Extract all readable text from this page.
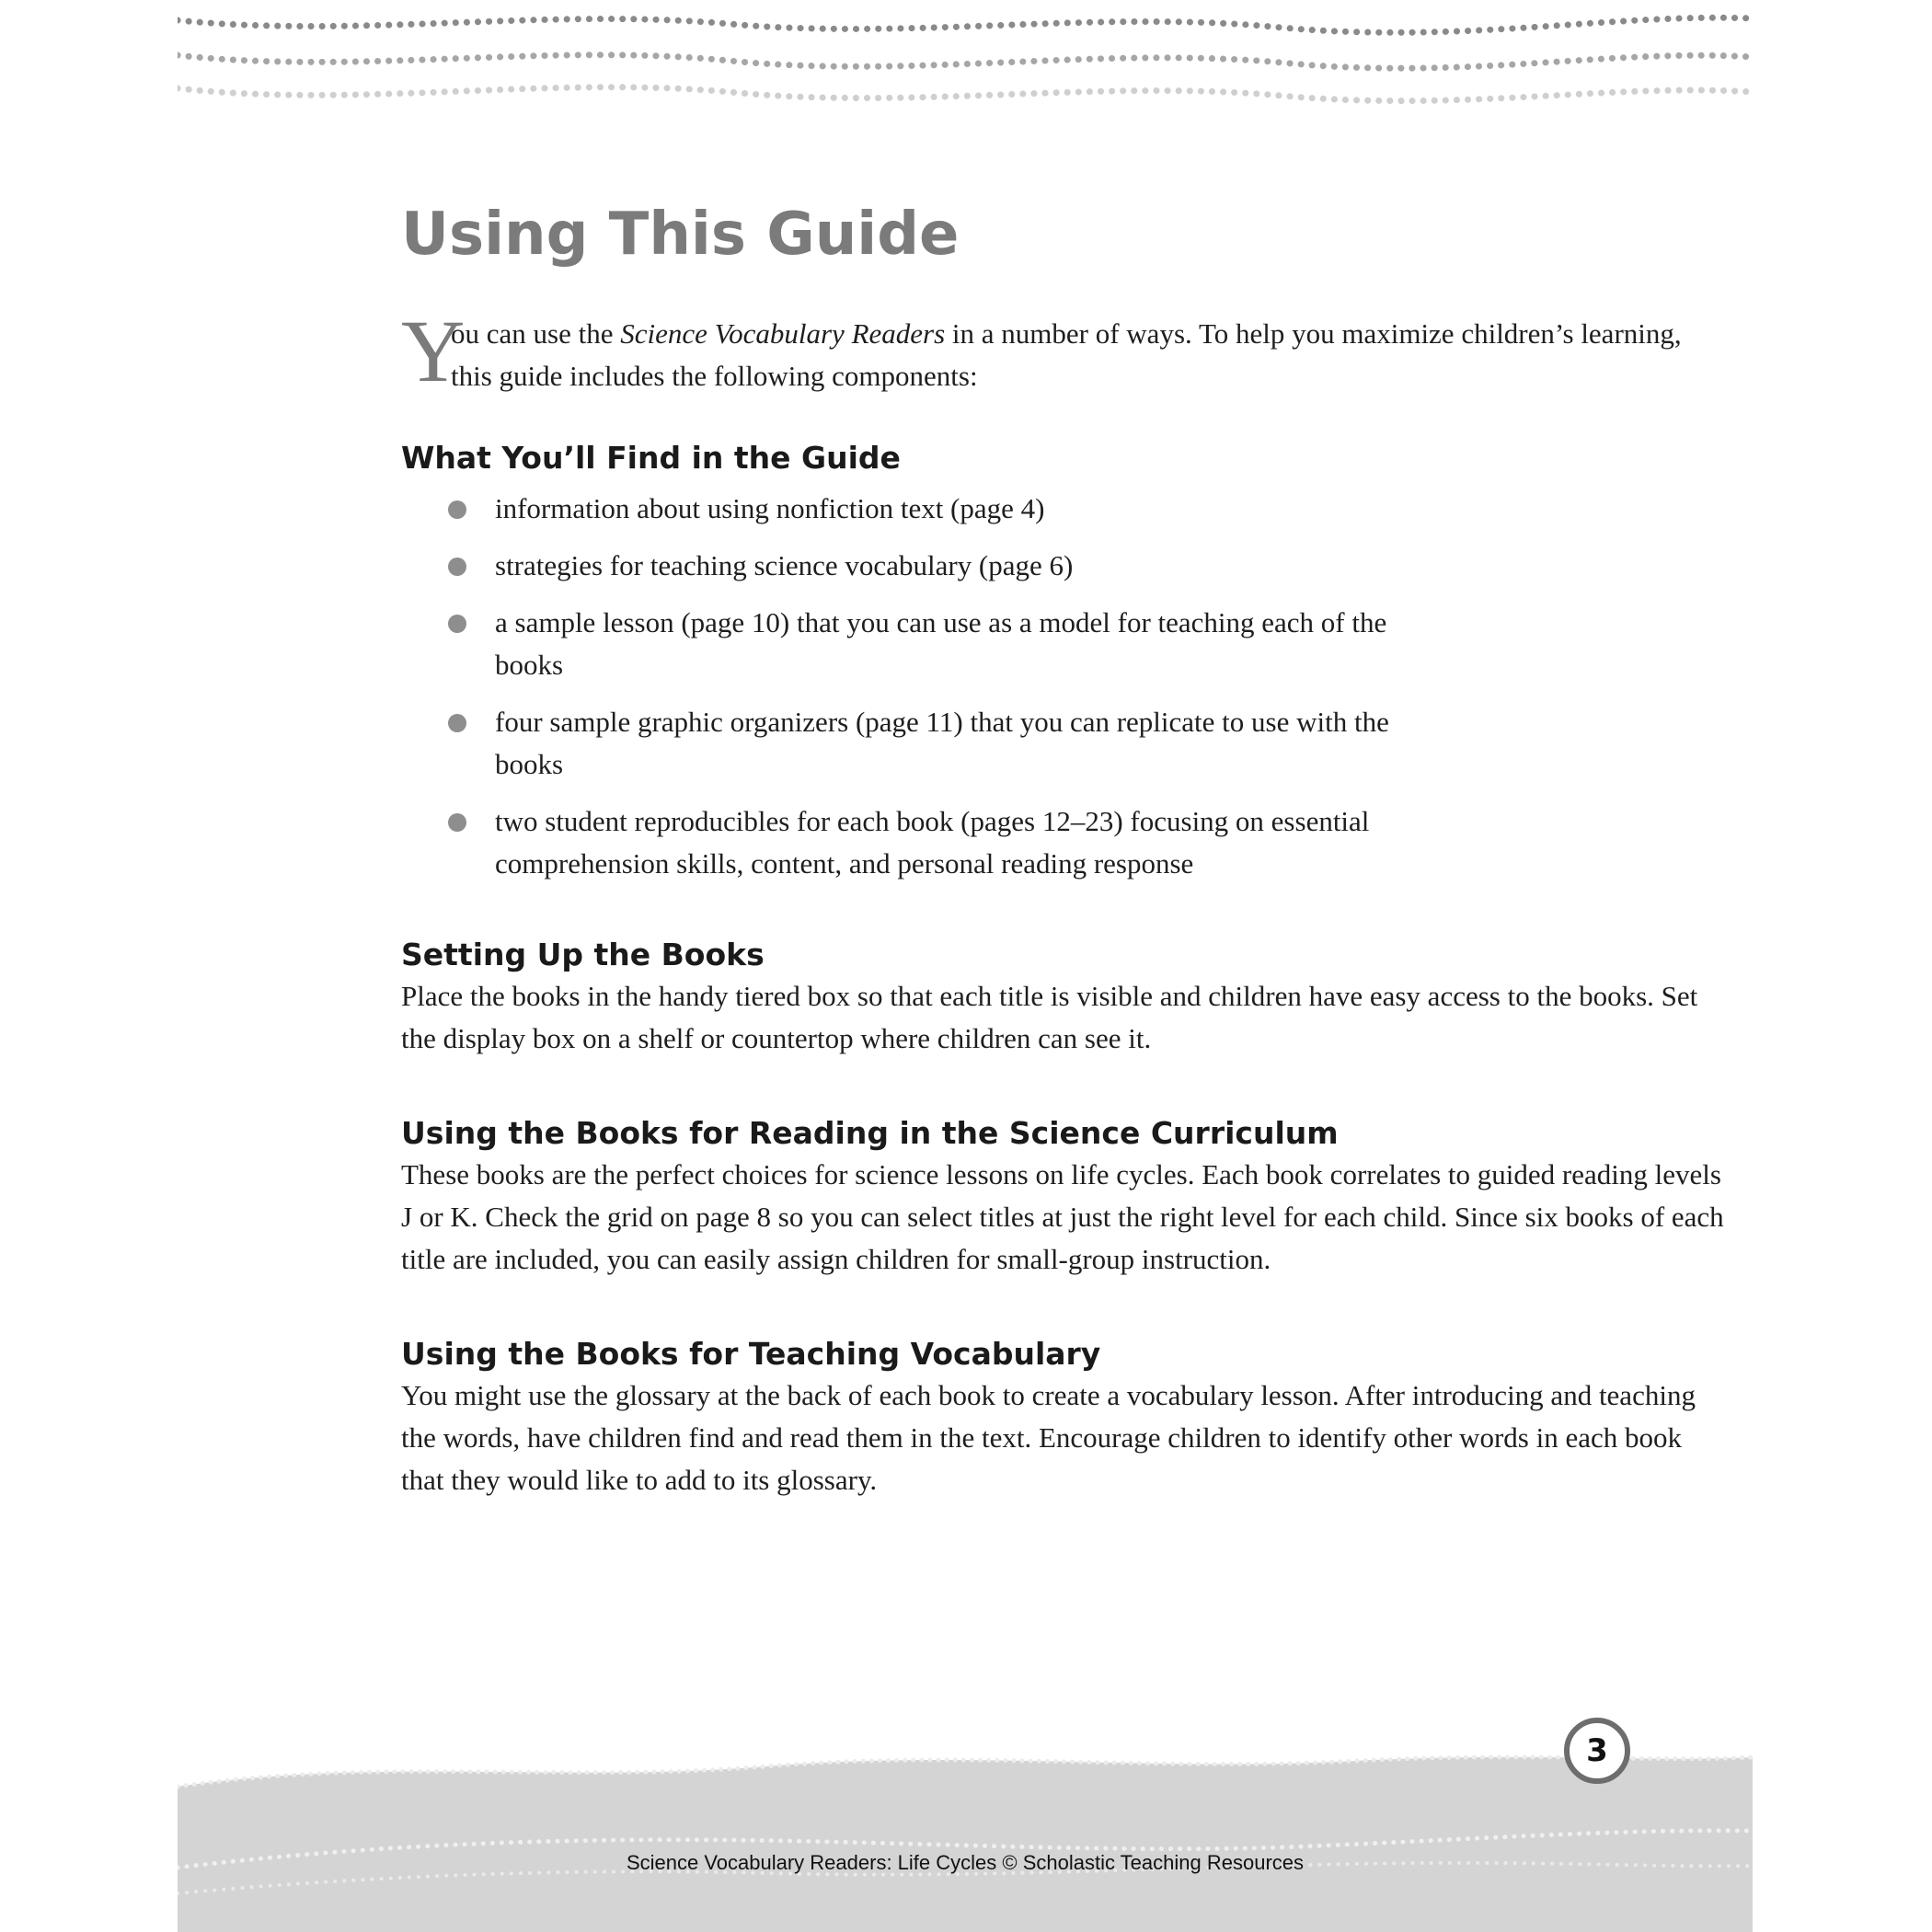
Using This Guide
Y
ou can use the Science Vocabulary Readers in a number of ways. To help you maximize children’s learning, this guide includes the following components:
What You’ll Find in the Guide
information about using nonfiction text (page 4)
strategies for teaching science vocabulary (page 6)
a sample lesson (page 10) that you can use as a model for teaching each of the books
four sample graphic organizers (page 11) that you can replicate to use with the books
two student reproducibles for each book (pages 12–23) focusing on essential comprehension skills, content, and personal reading response
Setting Up the Books

Place the books in the handy tiered box so that each title is visible and children have easy access to the books. Set the display box on a shelf or countertop where children can see it.

Using the Books for Reading in the Science Curriculum

These books are the perfect choices for science lessons on life cycles. Each book correlates to guided reading levels J or K. Check the grid on page 8 so you can select titles at just the right level for each child. Since six books of each title are included, you can easily assign children for small-group instruction.

Using the Books for Teaching Vocabulary

You might use the glossary at the back of each book to create a vocabulary lesson. After introducing and teaching the words, have children find and read them in the text. Encourage children to identify other words in each book that they would like to add to its glossary.

3
Science Vocabulary Readers: Life Cycles © Scholastic Teaching Resources
